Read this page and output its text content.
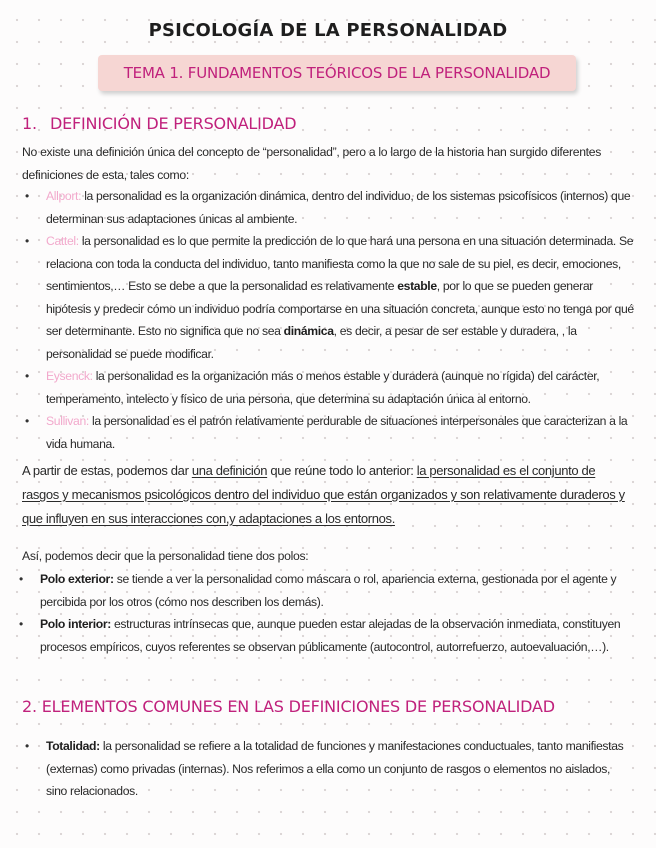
PSICOLOGÍA DE LA PERSONALIDAD
TEMA 1. FUNDAMENTOS TEÓRICOS DE LA PERSONALIDAD
1. DEFINICIÓN DE PERSONALIDAD
No existe una definición única del concepto de “personalidad”, pero a lo largo de la historia han surgido diferentes definiciones de esta, tales como:
• Allport: la personalidad es la organización dinámica, dentro del individuo, de los sistemas psicofísicos (internos) que determinan sus adaptaciones únicas al ambiente.
• Cattel: la personalidad es lo que permite la predicción de lo que hará una persona en una situación determinada. Se relaciona con toda la conducta del individuo, tanto manifiesta como la que no sale de su piel, es decir, emociones, sentimientos,… Esto se debe a que la personalidad es relativamente estable, por lo que se pueden generar hipótesis y predecir cómo un individuo podría comportarse en una situación concreta, aunque esto no tenga por qué ser determinante. Esto no significa que no sea dinámica, es decir, a pesar de ser estable y duradera, , la personalidad se puede modificar.
• Eysenck: la personalidad es la organización más o menos estable y duradera (aunque no rígida) del carácter, temperamento, intelecto y físico de una persona, que determina su adaptación única al entorno.
• Sullivan: la personalidad es el patrón relativamente perdurable de situaciones interpersonales que caracterizan a la vida humana.
A partir de estas, podemos dar una definición que reúne todo lo anterior: la personalidad es el conjunto de rasgos y mecanismos psicológicos dentro del individuo que están organizados y son relativamente duraderos y que influyen en sus interacciones con,y adaptaciones a los entornos.
Así, podemos decir que la personalidad tiene dos polos:
• Polo exterior: se tiende a ver la personalidad como máscara o rol, apariencia externa, gestionada por el agente y percibida por los otros (cómo nos describen los demás).
• Polo interior: estructuras intrínsecas que, aunque pueden estar alejadas de la observación inmediata, constituyen procesos empíricos, cuyos referentes se observan públicamente (autocontrol, autorrefuerzo, autoevaluación,…).
2. ELEMENTOS COMUNES EN LAS DEFINICIONES DE PERSONALIDAD
• Totalidad: la personalidad se refiere a la totalidad de funciones y manifestaciones conductuales, tanto manifiestas (externas) como privadas (internas). Nos referimos a ella como un conjunto de rasgos o elementos no aislados, sino relacionados.
